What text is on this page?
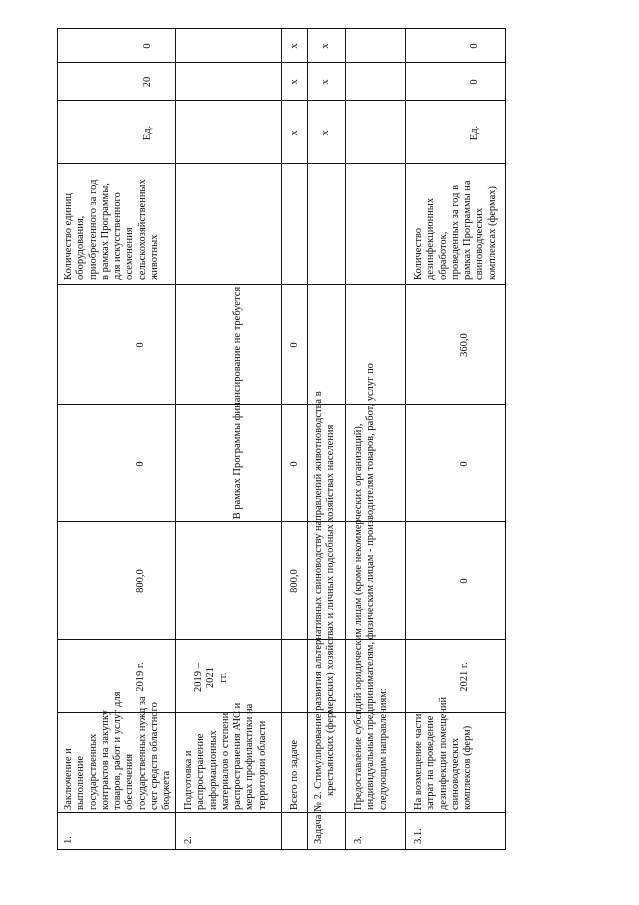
1.
Заключение и выполнение государственных контрактов на закупку товаров, работ и услуг для обеспечения государственных нужд за счет средств областного бюджета
2019 г.
800,0
0
0
Количество единиц оборудования, приобретенного за год в рамках Программы, для искусственного осеменения сельскохозяйственных животных
Ед.
20
0
2.
Подготовка и распространение информационных материалов о степени распространения АЧС и мерах профилактики на территории области
2019 – 2021 гг.
В рамках Программы финансирование не требуется
Всего по задаче
800,0
0
0
х
х
х
Задача № 2. Стимулирование развития альтернативных свиноводству направлений животноводства в крестьянских (фермерских) хозяйствах и личных подсобных хозяйствах населения
х
х
х
3.
Предоставление субсидий юридическим лицам (кроме некоммерческих организаций), индивидуальным предпринимателям, физическим лицам - производителям товаров, работ, услуг по следующим направлениям:
3.1.
На возмещение части затрат на проведение дезинфекции помещений свиноводческих комплексов (ферм)
2021 г.
0
0
360,0
Количество дезинфекционных обработок, проведенных за год в рамках Программы на свиноводческих комплексах (фермах)
Ед.
0
0
